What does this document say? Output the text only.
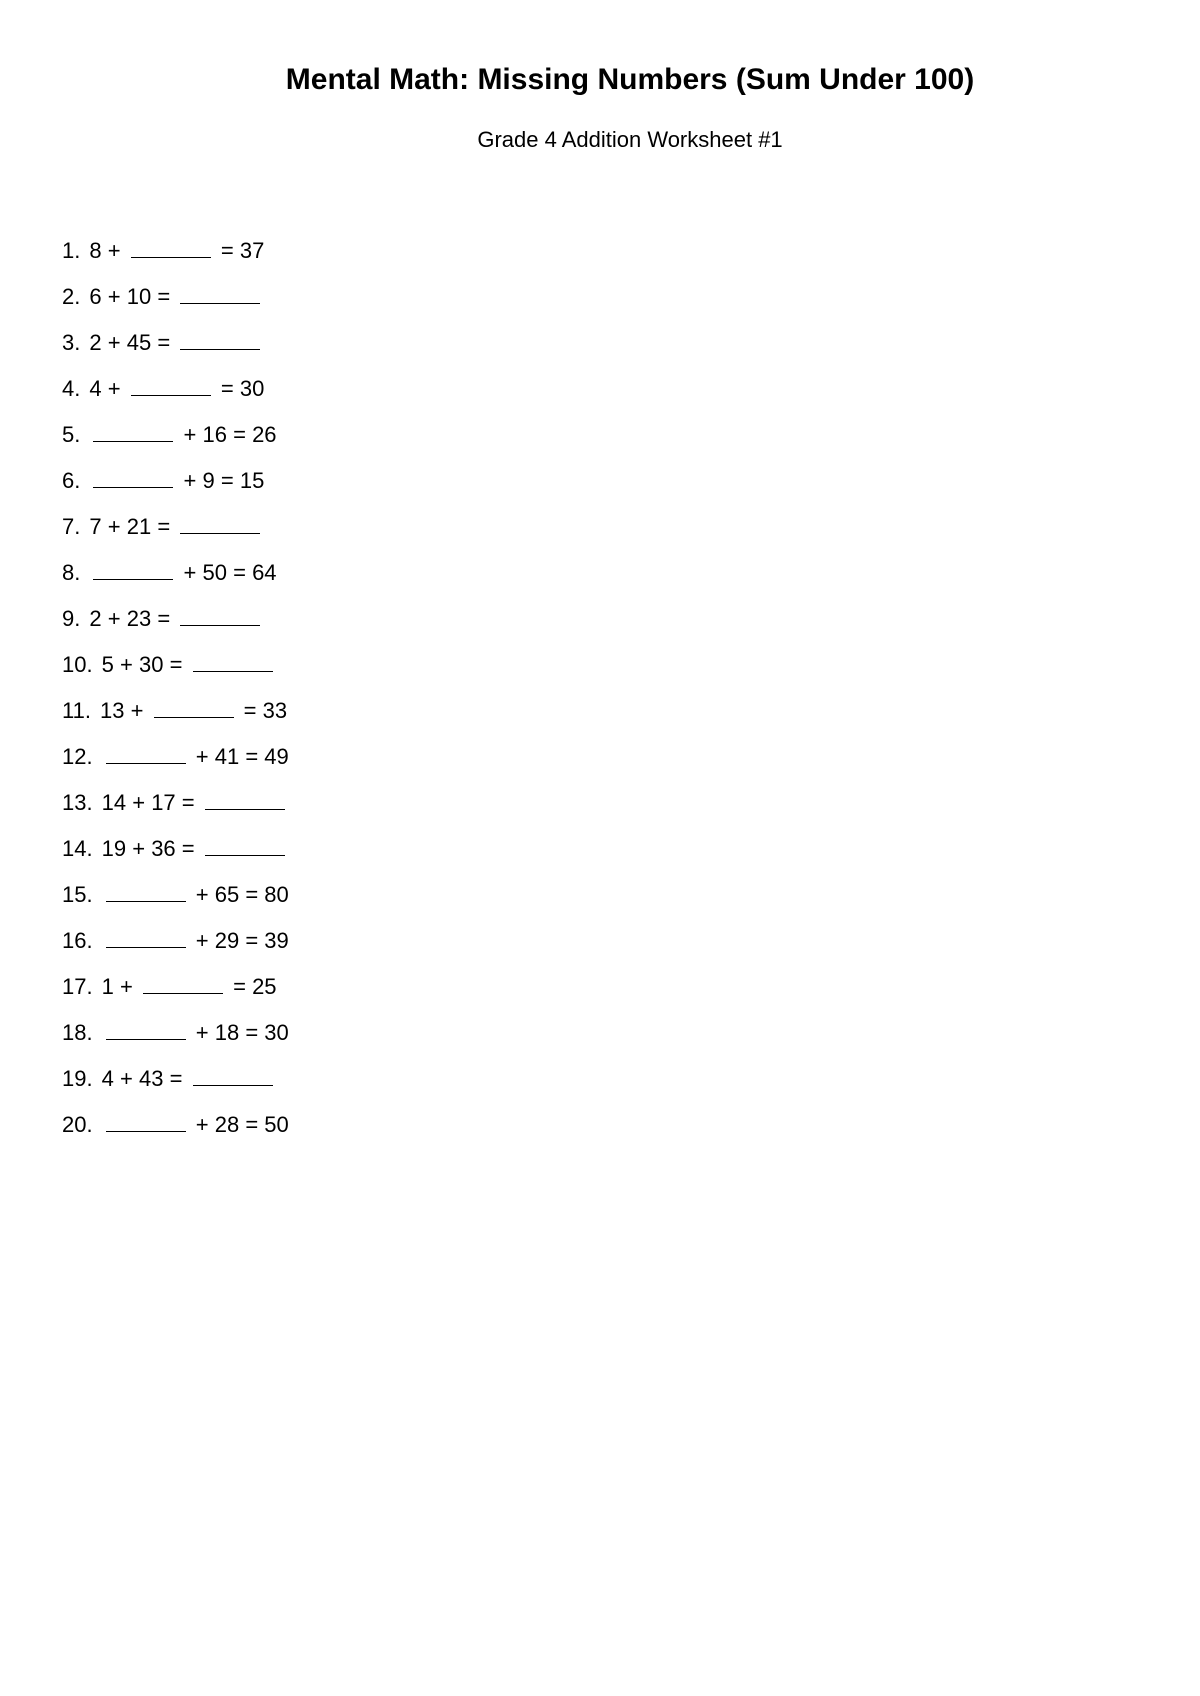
Mental Math: Missing Numbers (Sum Under 100)
Grade 4 Addition Worksheet #1
1. 8 +	= 37
2. 6 + 10 =
3. 2 + 45 =
4. 4 +	= 30
5.	+ 16 = 26
6.	+ 9 = 15
7. 7 + 21 =
8.	+ 50 = 64
9. 2 + 23 =
10. 5 + 30 =
11. 13 +	= 33
12.	+ 41 = 49
13. 14 + 17 =
14. 19 + 36 =
15.	+ 65 = 80
16.	+ 29 = 39
17. 1 +	= 25
18.	+ 18 = 30
19. 4 + 43 =
20.	+ 28 = 50
